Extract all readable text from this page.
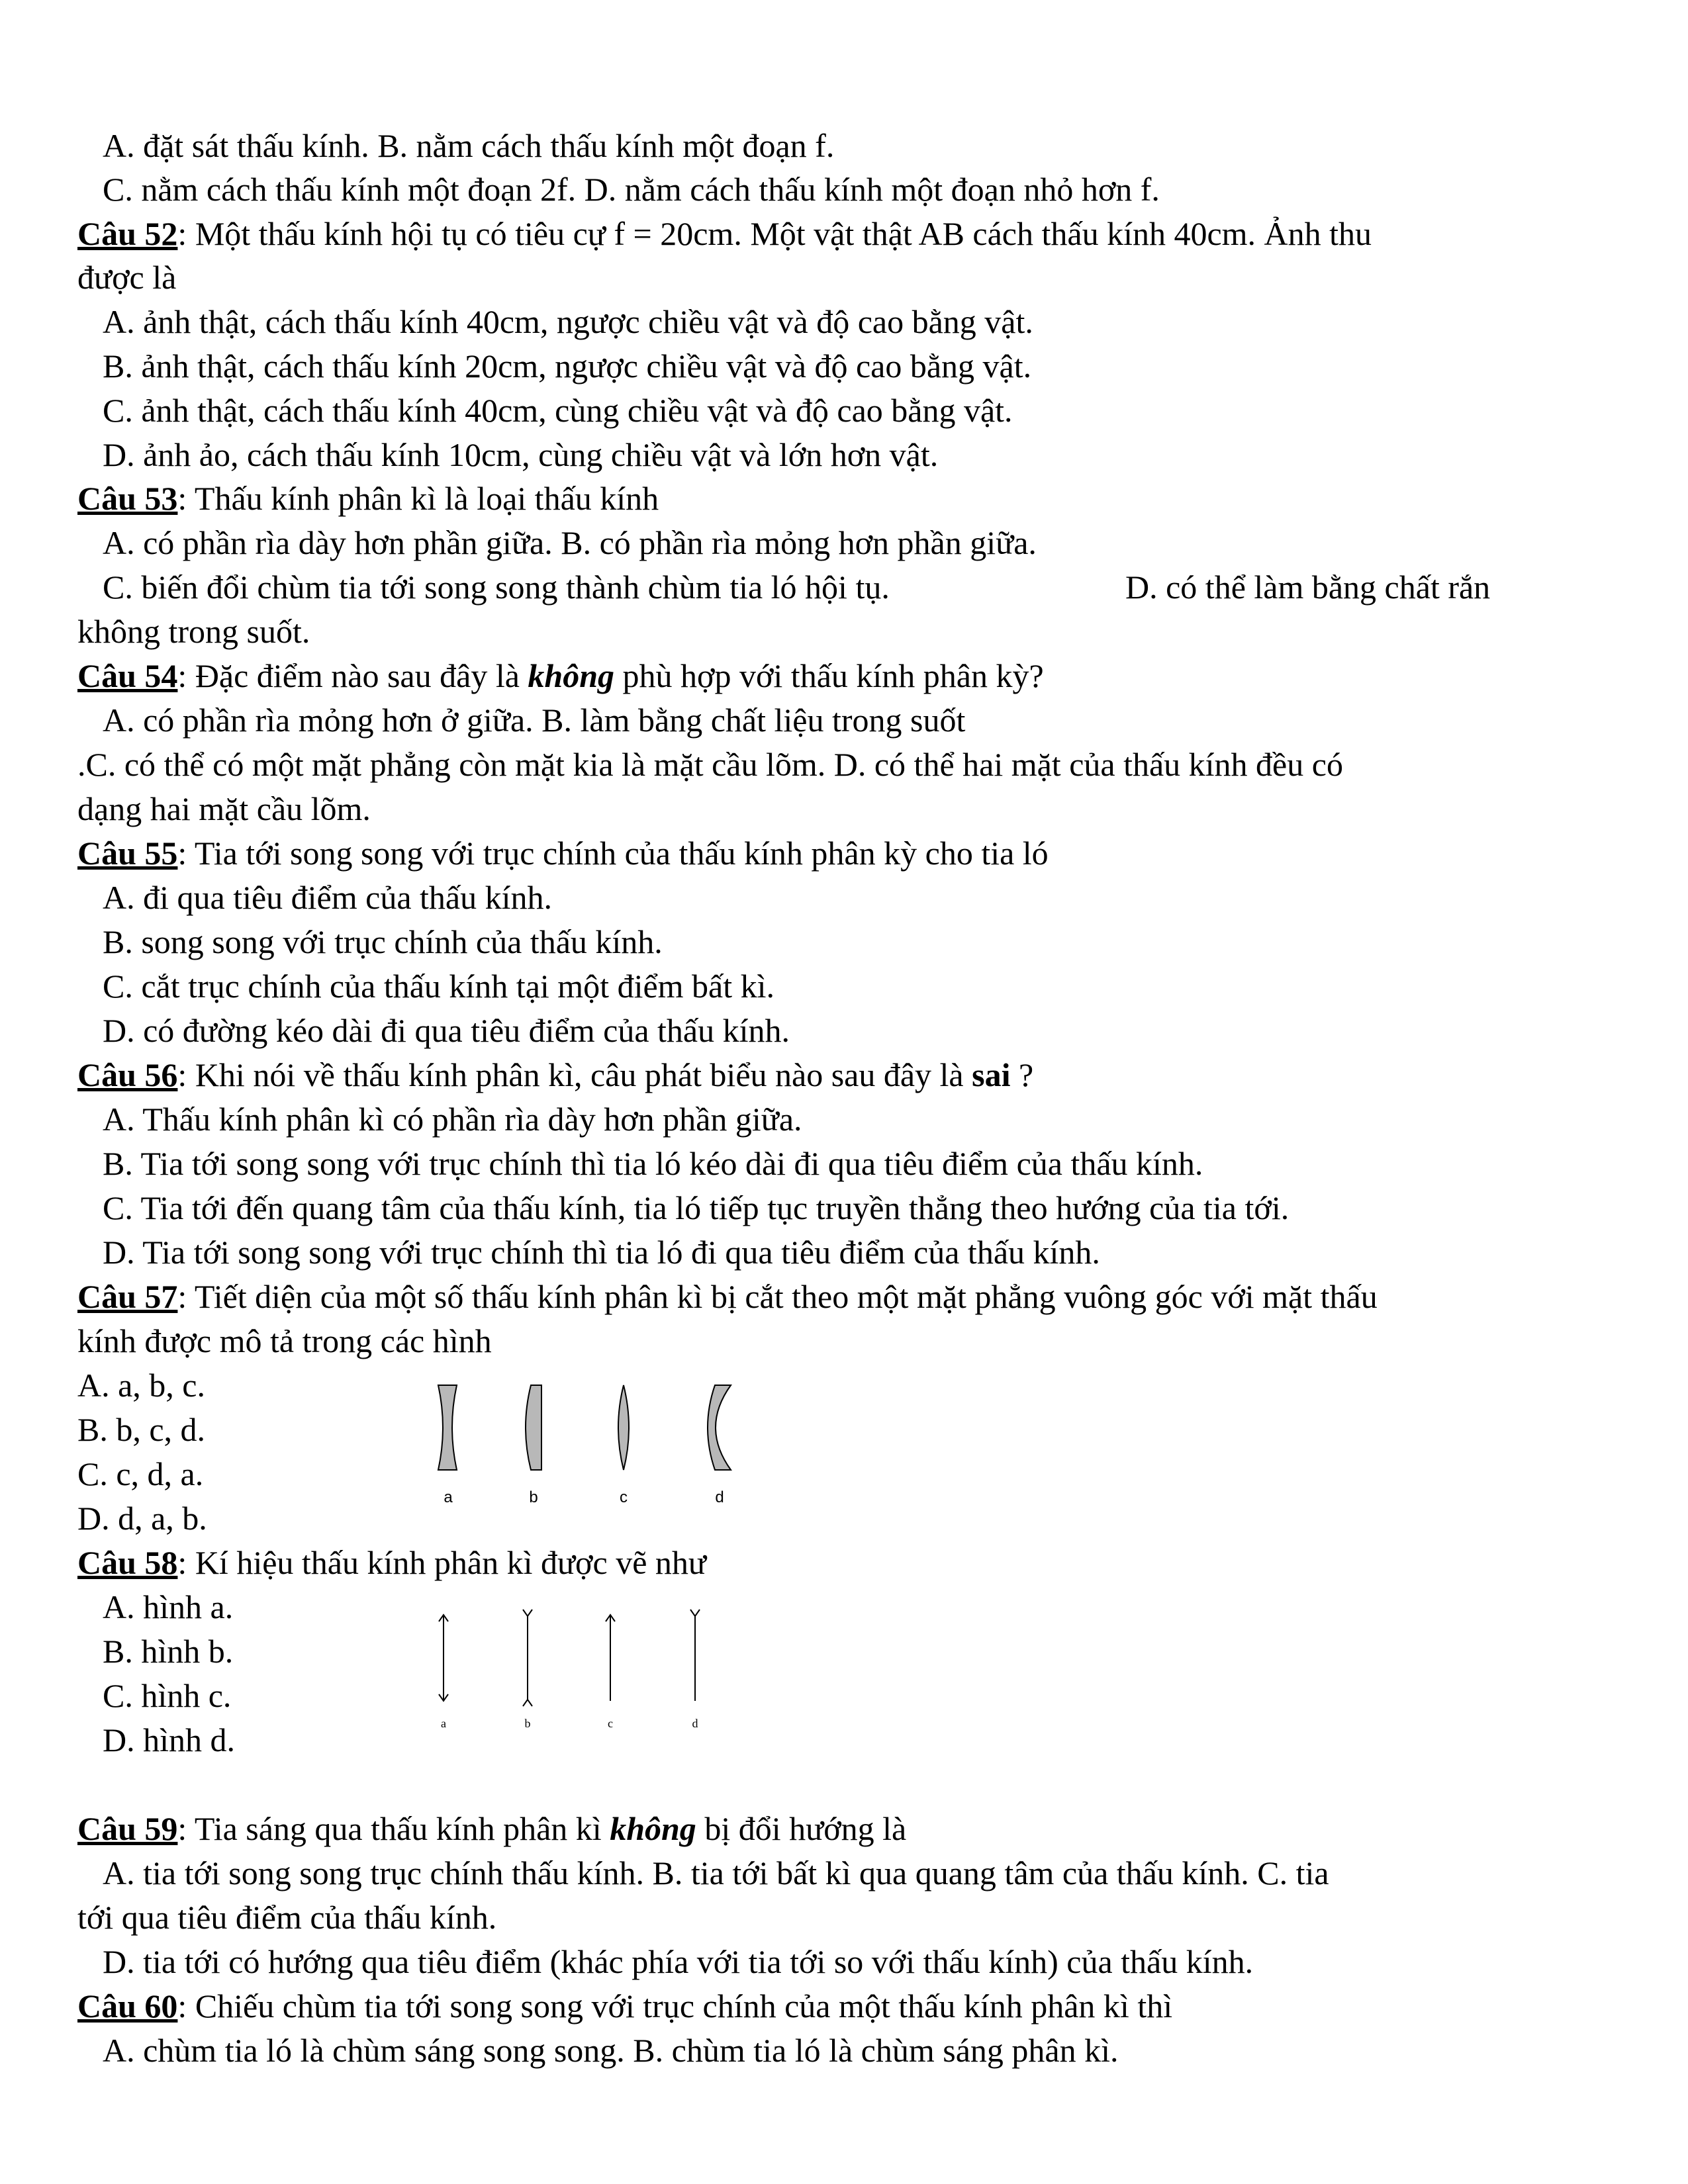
A. đặt sát thấu kính. B. nằm cách thấu kính một đoạn f.
C. nằm cách thấu kính một đoạn 2f. D. nằm cách thấu kính một đoạn nhỏ hơn f.
Câu 52: Một thấu kính hội tụ có tiêu cự f = 20cm. Một vật thật AB cách thấu kính 40cm. Ảnh thu
được là
A. ảnh thật, cách thấu kính 40cm, ngược chiều vật và độ cao bằng vật.
B. ảnh thật, cách thấu kính 20cm, ngược chiều vật và độ cao bằng vật.
C. ảnh thật, cách thấu kính 40cm, cùng chiều vật và độ cao bằng vật.
D. ảnh ảo, cách thấu kính 10cm, cùng chiều vật và lớn hơn vật.
Câu 53: Thấu kính phân kì là loại thấu kính
A. có phần rìa dày hơn phần giữa. B. có phần rìa mỏng hơn phần giữa.
C. biến đổi chùm tia tới song song thành chùm tia ló hội tụ.	D. có thể làm bằng chất rắn
không trong suốt.
Câu 54: Đặc điểm nào sau đây là không phù hợp với thấu kính phân kỳ?
A. có phần rìa mỏng hơn ở giữa. B. làm bằng chất liệu trong suốt
.C. có thể có một mặt phẳng còn mặt kia là mặt cầu lõm. D. có thể hai mặt của thấu kính đều có
dạng hai mặt cầu lõm.
Câu 55: Tia tới song song với trục chính của thấu kính phân kỳ cho tia ló
A. đi qua tiêu điểm của thấu kính.
B. song song với trục chính của thấu kính.
C. cắt trục chính của thấu kính tại một điểm bất kì.
D. có đường kéo dài đi qua tiêu điểm của thấu kính.
Câu 56: Khi nói về thấu kính phân kì, câu phát biểu nào sau đây là sai ?
A. Thấu kính phân kì có phần rìa dày hơn phần giữa.
B. Tia tới song song với trục chính thì tia ló kéo dài đi qua tiêu điểm của thấu kính.
C. Tia tới đến quang tâm của thấu kính, tia ló tiếp tục truyền thẳng theo hướng của tia tới.
D. Tia tới song song với trục chính thì tia ló đi qua tiêu điểm của thấu kính.
Câu 57: Tiết diện của một số thấu kính phân kì bị cắt theo một mặt phẳng vuông góc với mặt thấu
kính được mô tả trong các hình
A. a, b, c.
B. b, c, d.
C. c, d, a.
D. d, a, b.
a	b	c	d
Câu 58: Kí hiệu thấu kính phân kì được vẽ như
A. hình a.
B. hình b.
C. hình c.
D. hình d.	a	b	c	d
Câu 59: Tia sáng qua thấu kính phân kì không bị đổi hướng là
A. tia tới song song trục chính thấu kính. B. tia tới bất kì qua quang tâm của thấu kính. C. tia
tới qua tiêu điểm của thấu kính.
D. tia tới có hướng qua tiêu điểm (khác phía với tia tới so với thấu kính) của thấu kính.
Câu 60: Chiếu chùm tia tới song song với trục chính của một thấu kính phân kì thì
A. chùm tia ló là chùm sáng song song. B. chùm tia ló là chùm sáng phân kì.
